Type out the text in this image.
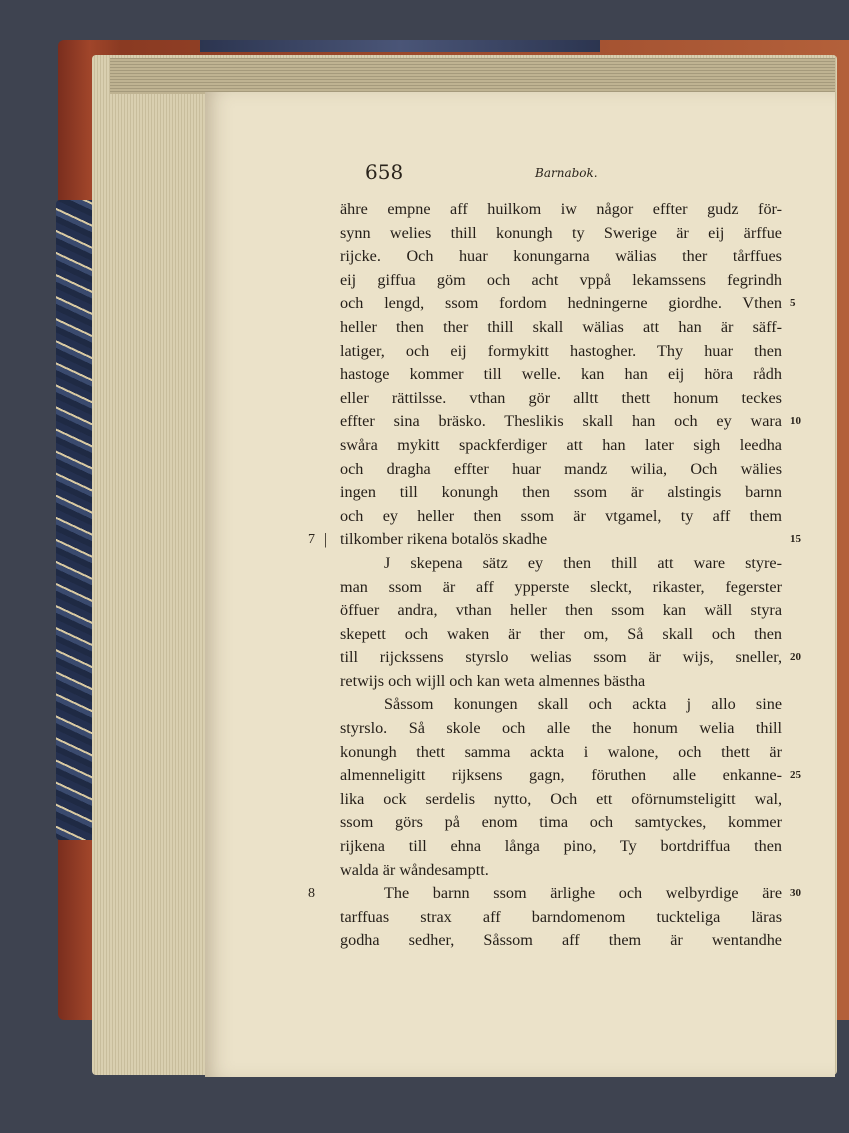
658	Barnabok.
ähre empne aff huilkom iw någor effter gudz för-
synn welies thill konungh ty Swerige är eij ärffue
rijcke. Och huar konungarna wälias ther tårffues
eij giffua göm och acht vppå lekamssens fegrindh
och lengd, ssom fordom hedningerne giordhe. Vthen 5
heller then ther thill skall wälias att han är säff-
latiger, och eij formykitt hastogher. Thy huar then
hastoge kommer till welle. kan han eij höra rådh
eller rättilsse. vthan gör alltt thett honum teckes
effter sina bräsko. Theslikis skall han och ey wara 10
swåra mykitt spackferdiger att han later sigh leedha
och dragha effter huar mandz wilia, Och wälies
ingen till konungh then ssom är alstingis barnn
och ey heller then ssom är vtgamel, ty aff them
tilkomber rikena botalös skadhe	15
7 |
J skepena sätz ey then thill att ware styre-
man ssom är aff ypperste sleckt, rikaster, fegerster
öffuer andra, vthan heller then ssom kan wäll styra
skepett och waken är ther om, Så skall och then
till rijckssens styrslo welias ssom är wijs, sneller, 20
retwijs och wijll och kan weta almennes bästha
Såssom konungen skall och ackta j allo sine
styrslo. Så skole och alle the honum welia thill
konungh thett samma ackta i walone, och thett är
almenneligitt rijksens gagn, föruthen alle enkanne- 25
lika ock serdelis nytto, Och ett oförnumsteligitt wal,
ssom görs på enom tima och samtyckes, kommer
rijkena till ehna långa pino, Ty bortdriffua then
walda är wåndesamptt.
The barnn ssom ärlighe och welbyrdige äre 30
8
tarffuas strax aff barndomenom tuckteliga läras
godha sedher, Såssom aff them är wentandhe
